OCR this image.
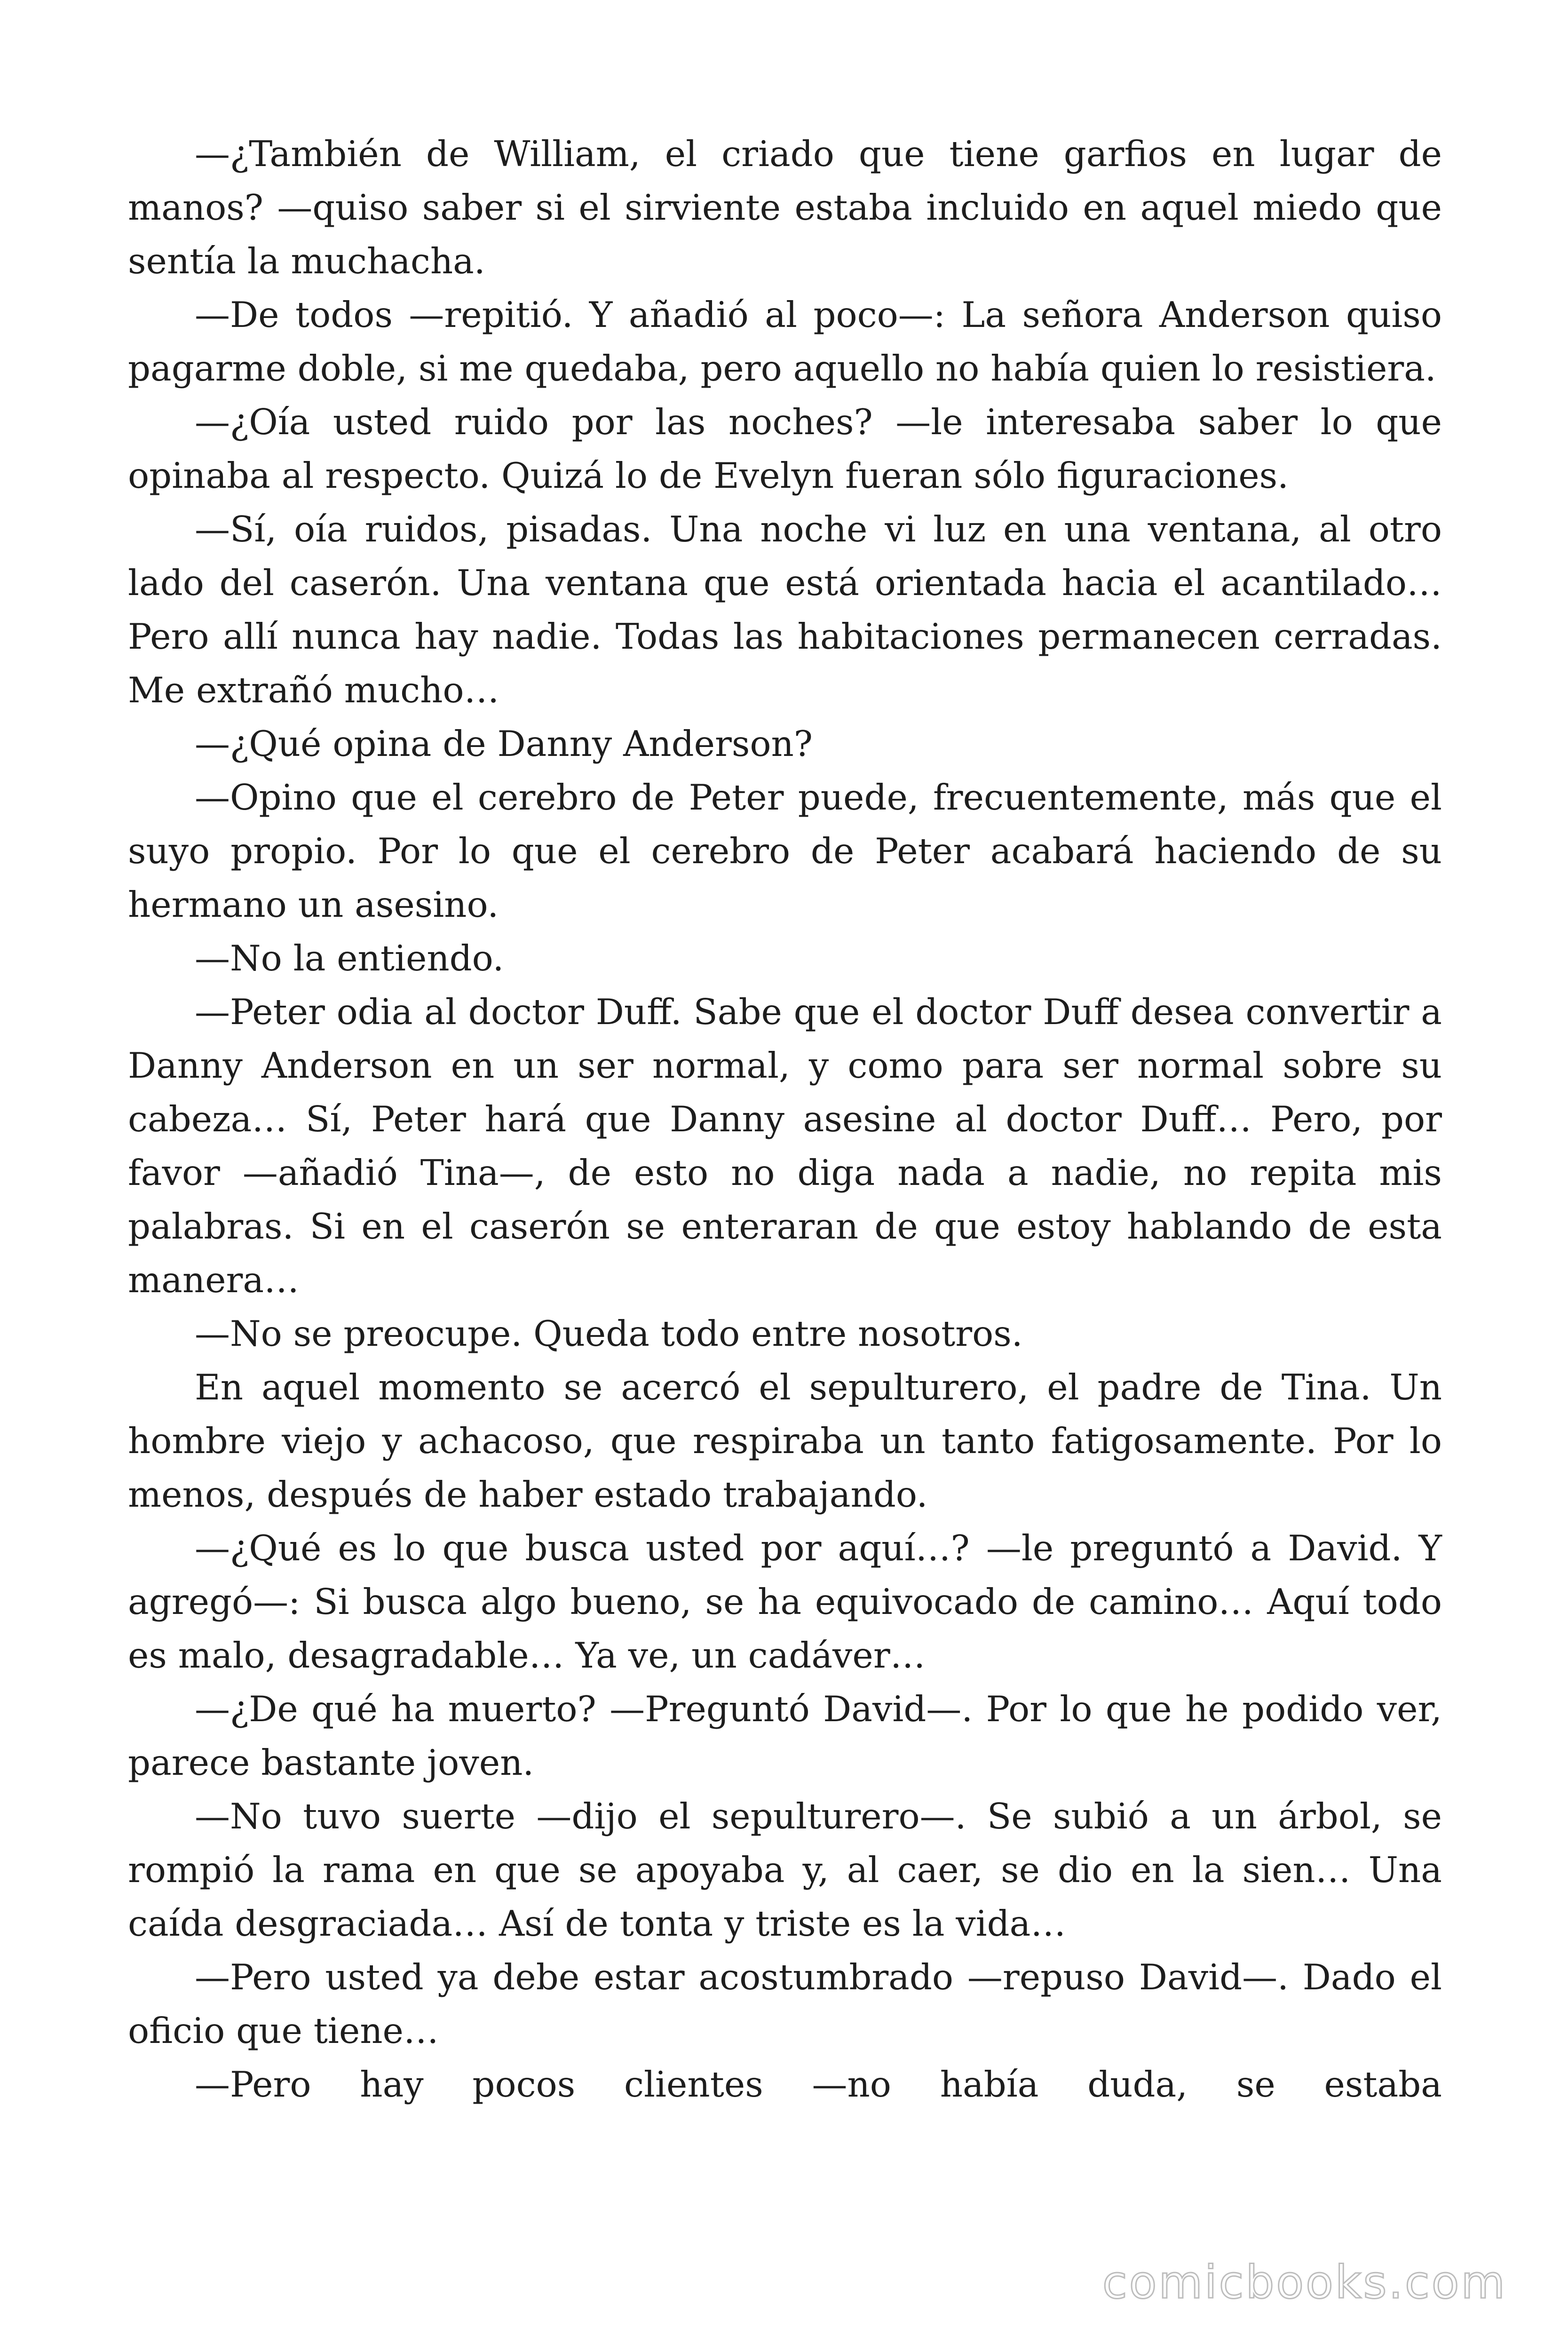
—¿También de William, el criado que tiene garfios en lugar de manos? —quiso saber si el sirviente estaba incluido en aquel miedo que sentía la muchacha.

—De todos —repitió. Y añadió al poco—: La señora Anderson quiso pagarme doble, si me quedaba, pero aquello no había quien lo resistiera.

—¿Oía usted ruido por las noches? —le interesaba saber lo que opinaba al respecto. Quizá lo de Evelyn fueran sólo figuraciones.

—Sí, oía ruidos, pisadas. Una noche vi luz en una ventana, al otro lado del caserón. Una ventana que está orientada hacia el acantilado… Pero allí nunca hay nadie. Todas las habitaciones permanecen cerradas. Me extrañó mucho…

—¿Qué opina de Danny Anderson?

—Opino que el cerebro de Peter puede, frecuentemente, más que el suyo propio. Por lo que el cerebro de Peter acabará haciendo de su hermano un asesino.

—No la entiendo.

—Peter odia al doctor Duff. Sabe que el doctor Duff desea convertir a Danny Anderson en un ser normal, y como para ser normal sobre su cabeza… Sí, Peter hará que Danny asesine al doctor Duff… Pero, por favor —añadió Tina—, de esto no diga nada a nadie, no repita mis palabras. Si en el caserón se enteraran de que estoy hablando de esta manera…

—No se preocupe. Queda todo entre nosotros.

En aquel momento se acercó el sepulturero, el padre de Tina. Un hombre viejo y achacoso, que respiraba un tanto fatigosamente. Por lo menos, después de haber estado trabajando.

—¿Qué es lo que busca usted por aquí…? —le preguntó a David. Y agregó—: Si busca algo bueno, se ha equivocado de camino… Aquí todo es malo, desagradable… Ya ve, un cadáver…

—¿De qué ha muerto? —Preguntó David—. Por lo que he podido ver, parece bastante joven.

—No tuvo suerte —dijo el sepulturero—. Se subió a un árbol, se rompió la rama en que se apoyaba y, al caer, se dio en la sien… Una caída desgraciada… Así de tonta y triste es la vida…

—Pero usted ya debe estar acostumbrado —repuso David—. Dado el oficio que tiene…

—Pero hay pocos clientes —no había duda, se estaba

comicbooks.com
